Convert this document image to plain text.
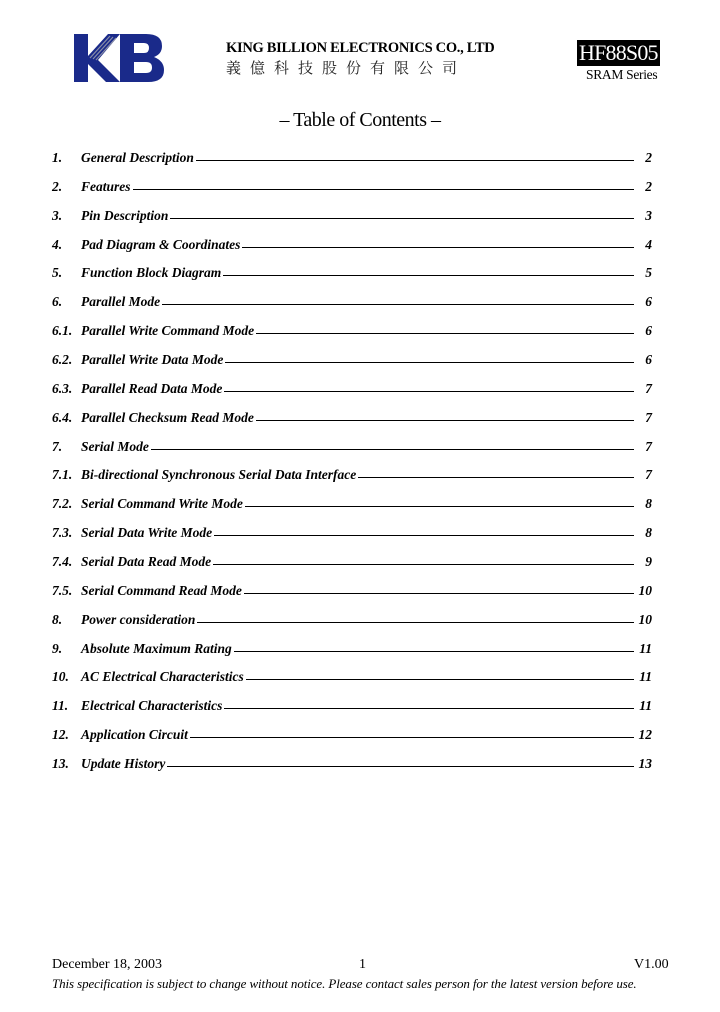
KING BILLION ELECTRONICS CO., LTD
義億科技股份有限公司
HF88S05
SRAM Series
– Table of Contents –
1.	General Description	2
2.	Features	2
3.	Pin Description	3
4.	Pad Diagram & Coordinates	4
5.	Function Block Diagram	5
6.	Parallel Mode	6
6.1. Parallel Write Command Mode	6
6.2. Parallel Write Data Mode	6
6.3. Parallel Read Data Mode	7
6.4. Parallel Checksum Read Mode	7
7.	Serial Mode	7
7.1. Bi-directional Synchronous Serial Data Interface	7
7.2. Serial Command Write Mode	8
7.3. Serial Data Write Mode	8
7.4. Serial Data Read Mode	9
7.5. Serial Command Read Mode	10
8.	Power consideration	10
9.	Absolute Maximum Rating	11
10. AC Electrical Characteristics	11
11. Electrical Characteristics	11
12. Application Circuit	12
13. Update History	13
December 18, 2003	1	V1.00
This specification is subject to change without notice. Please contact sales person for the latest version before use.
